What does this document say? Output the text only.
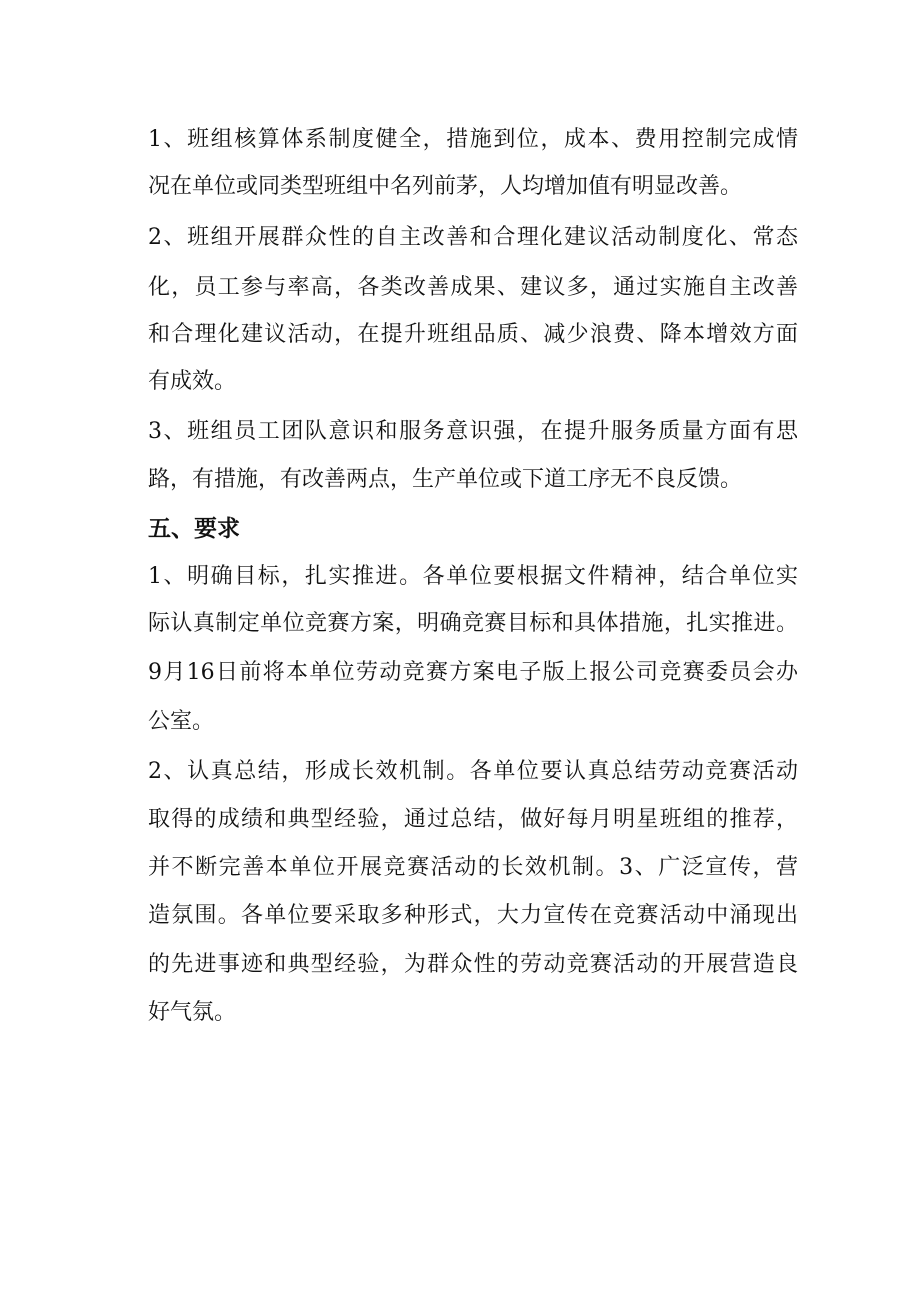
1、班组核算体系制度健全，措施到位，成本、费用控制完成情
况在单位或同类型班组中名列前茅，人均增加值有明显改善。
2、班组开展群众性的自主改善和合理化建议活动制度化、常态
化，员工参与率高，各类改善成果、建议多，通过实施自主改善
和合理化建议活动，在提升班组品质、减少浪费、降本增效方面
有成效。
3、班组员工团队意识和服务意识强，在提升服务质量方面有思
路，有措施，有改善两点，生产单位或下道工序无不良反馈。
五、要求
1、明确目标，扎实推进。各单位要根据文件精神，结合单位实
际认真制定单位竞赛方案，明确竞赛目标和具体措施，扎实推进。
9月16日前将本单位劳动竞赛方案电子版上报公司竞赛委员会办
公室。
2、认真总结，形成长效机制。各单位要认真总结劳动竞赛活动
取得的成绩和典型经验，通过总结，做好每月明星班组的推荐，
并不断完善本单位开展竞赛活动的长效机制。3、广泛宣传，营
造氛围。各单位要采取多种形式，大力宣传在竞赛活动中涌现出
的先进事迹和典型经验，为群众性的劳动竞赛活动的开展营造良
好气氛。
